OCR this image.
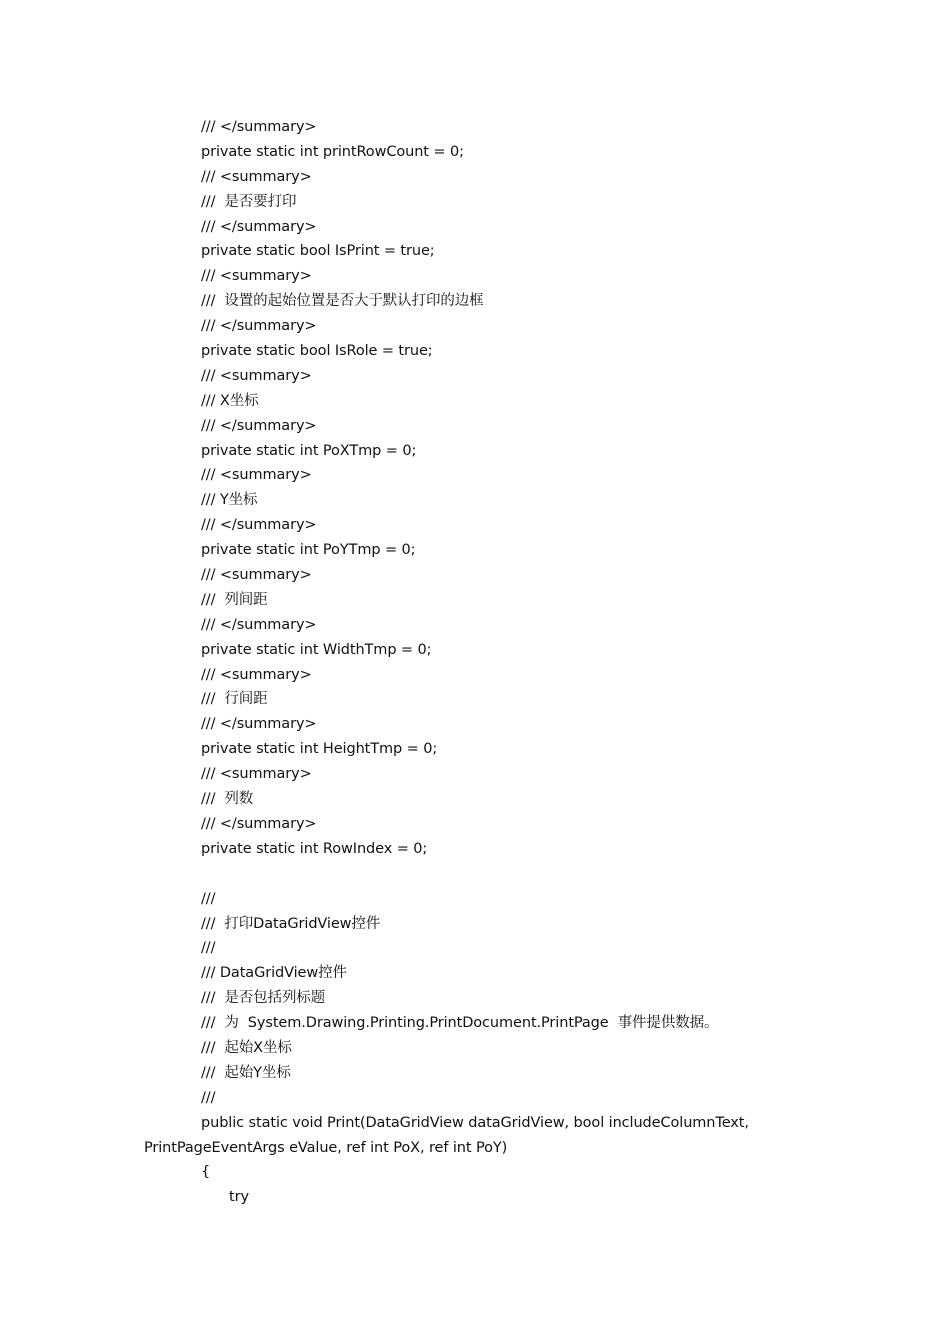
/// </summary>
private static int printRowCount = 0;
/// <summary>
///  是否要打印
/// </summary>
private static bool IsPrint = true;
/// <summary>
///  设置的起始位置是否大于默认打印的边框
/// </summary>
private static bool IsRole = true;
/// <summary>
/// X坐标
/// </summary>
private static int PoXTmp = 0;
/// <summary>
/// Y坐标
/// </summary>
private static int PoYTmp = 0;
/// <summary>
///  列间距
/// </summary>
private static int WidthTmp = 0;
/// <summary>
///  行间距
/// </summary>
private static int HeightTmp = 0;
/// <summary>
///  列数
/// </summary>
private static int RowIndex = 0;
///
///  打印DataGridView控件
///
/// DataGridView控件
///  是否包括列标题
///  为  System.Drawing.Printing.PrintDocument.PrintPage  事件提供数据。
///  起始X坐标
///  起始Y坐标
///
public static void Print(DataGridView dataGridView, bool includeColumnText,
PrintPageEventArgs eValue, ref int PoX, ref int PoY)
{
try
